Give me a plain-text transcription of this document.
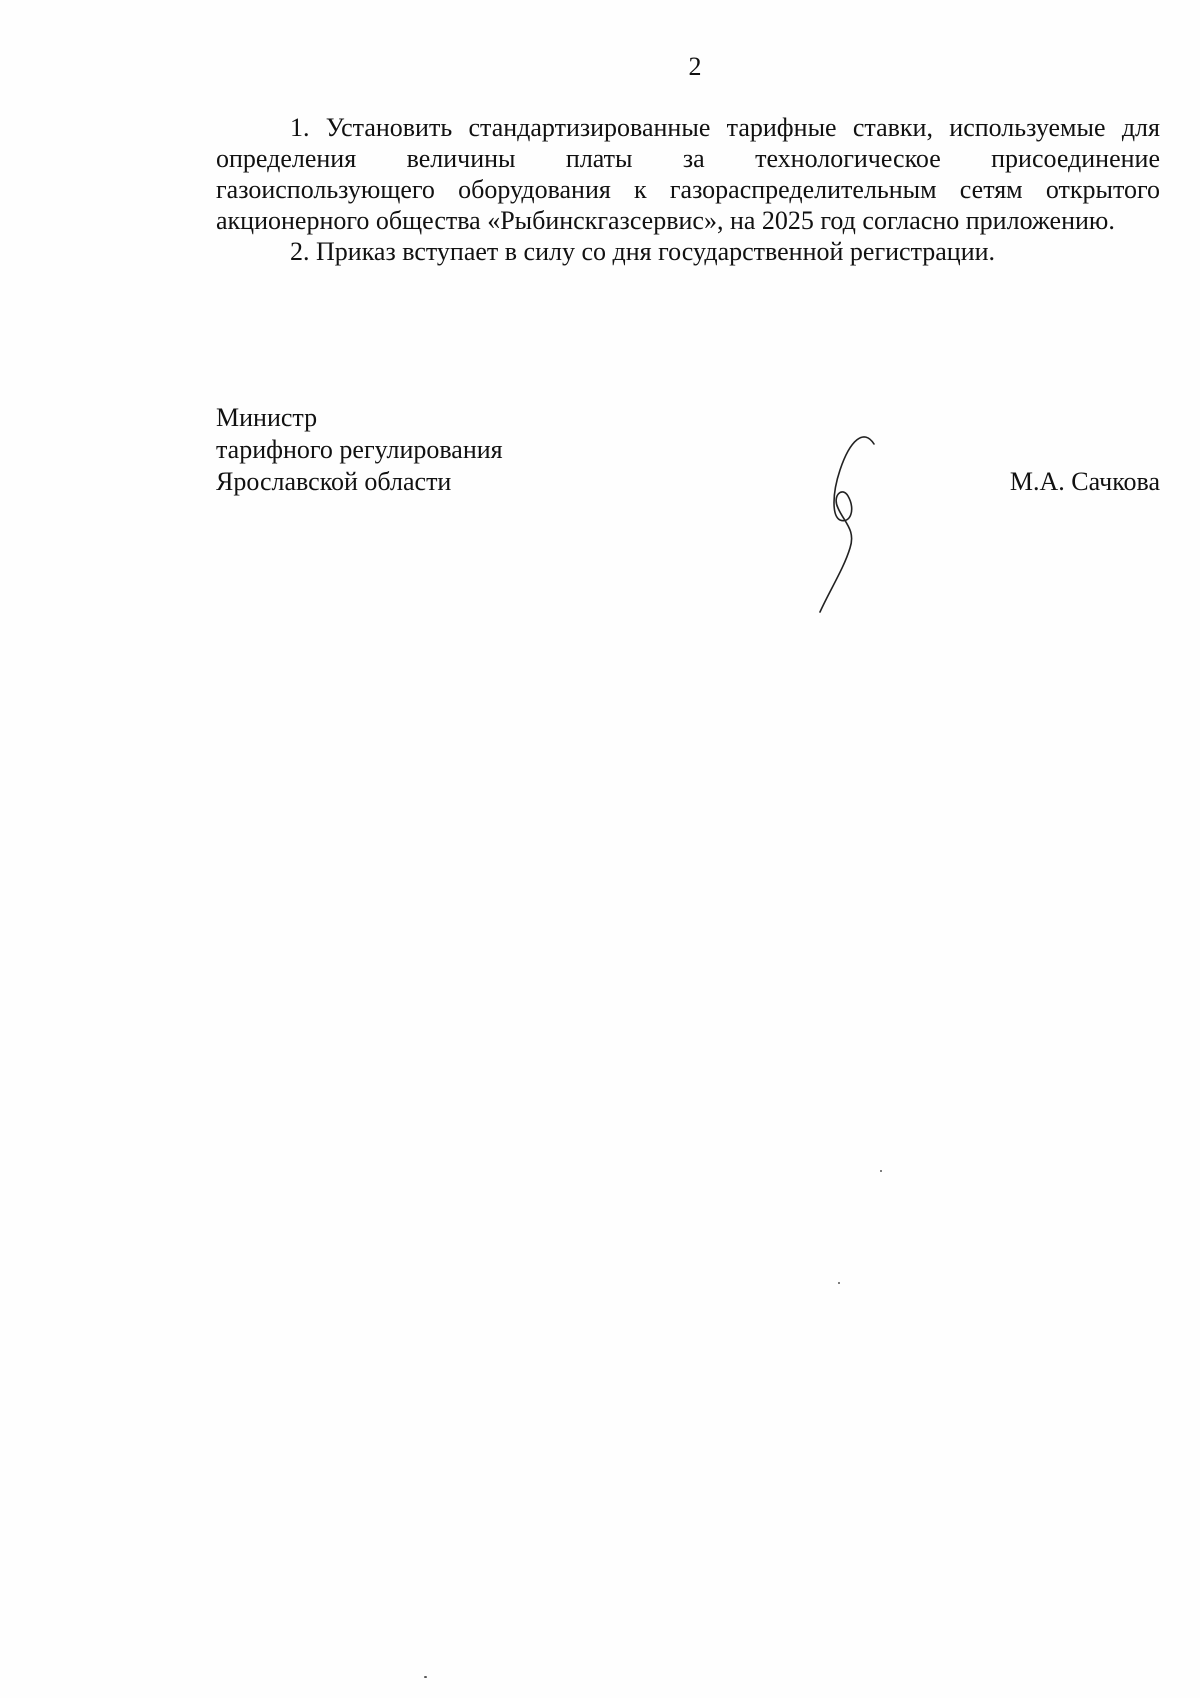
2

1. Установить стандартизированные тарифные ставки, используемые для определения величины платы за технологическое присоединение газоиспользующего оборудования к газораспределительным сетям открытого акционерного общества «Рыбинскгазсервис», на 2025 год согласно приложению.

2. Приказ вступает в силу со дня государственной регистрации.

Министр
тарифного регулирования
Ярославской области	М.А. Сачкова
